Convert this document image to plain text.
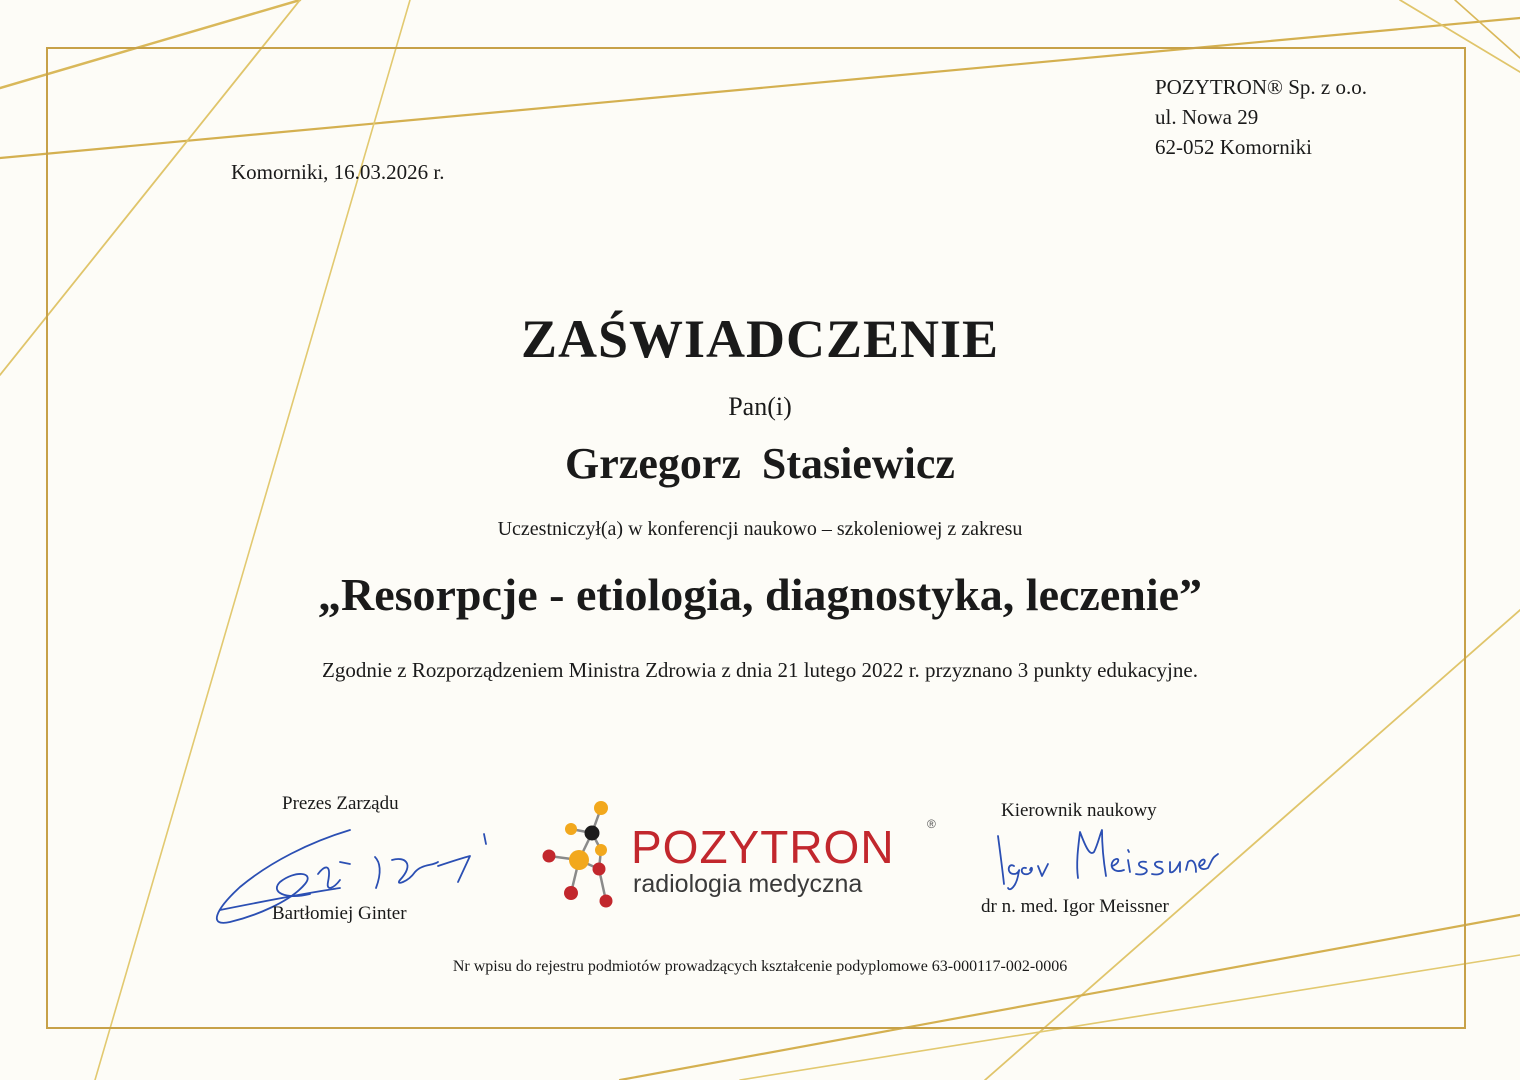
POZYTRON® Sp. z o.o.
ul. Nowa 29
62-052 Komorniki
Komorniki, 16.03.2026 r.
ZAŚWIADCZENIE
Pan(i)
Grzegorz Stasiewicz
Uczestniczył(a) w konferencji naukowo – szkoleniowej z zakresu
„Resorpcje - etiologia, diagnostyka, leczenie”
Zgodnie z Rozporządzeniem Ministra Zdrowia z dnia 21 lutego 2022 r. przyznano 3 punkty edukacyjne.
Prezes Zarządu
Bartłomiej Ginter
POZYTRON	®
radiologia medyczna
Kierownik naukowy
dr n. med. Igor Meissner
Nr wpisu do rejestru podmiotów prowadzących kształcenie podyplomowe 63-000117-002-0006
